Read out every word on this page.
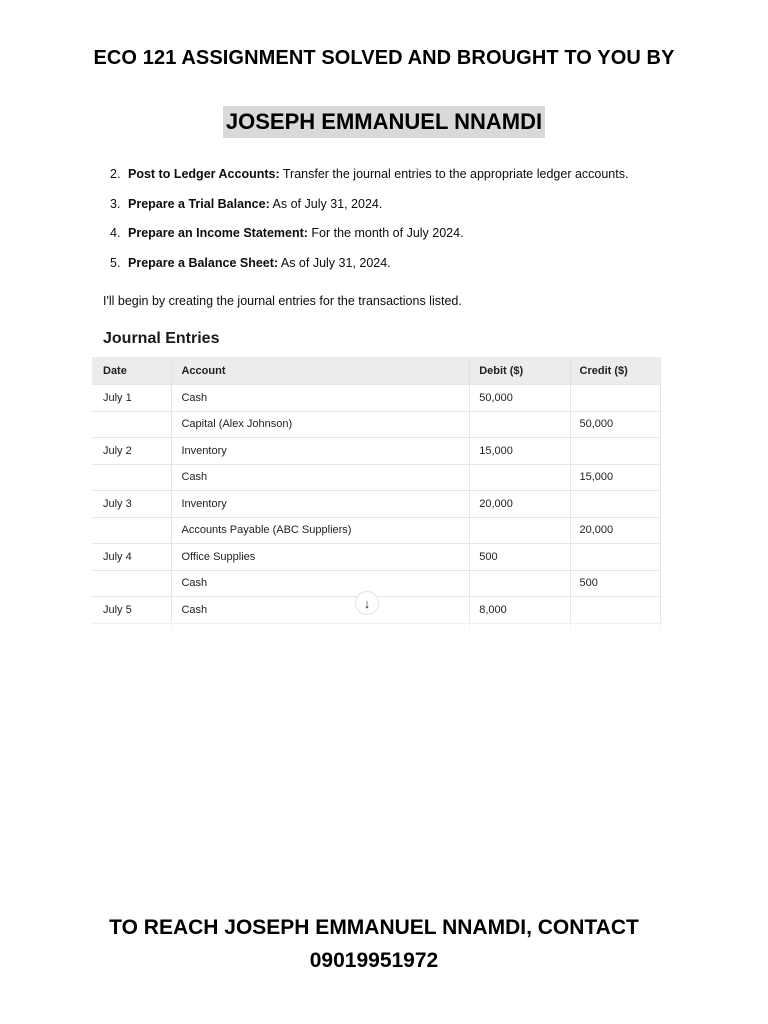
ECO 121 ASSIGNMENT SOLVED AND BROUGHT TO YOU BY
JOSEPH EMMANUEL NNAMDI
2. Post to Ledger Accounts: Transfer the journal entries to the appropriate ledger accounts.
3. Prepare a Trial Balance: As of July 31, 2024.
4. Prepare an Income Statement: For the month of July 2024.
5. Prepare a Balance Sheet: As of July 31, 2024.
I'll begin by creating the journal entries for the transactions listed.
Journal Entries
Date	Account	Debit ($)	Credit ($)
July 1	Cash	50,000	
	Capital (Alex Johnson)		50,000
July 2	Inventory	15,000	
	Cash		15,000
July 3	Inventory	20,000	
	Accounts Payable (ABC Suppliers)		20,000
July 4	Office Supplies	500	
	Cash		500
July 5	Cash	8,000	

↓
TO REACH JOSEPH EMMANUEL NNAMDI, CONTACT
09019951972
